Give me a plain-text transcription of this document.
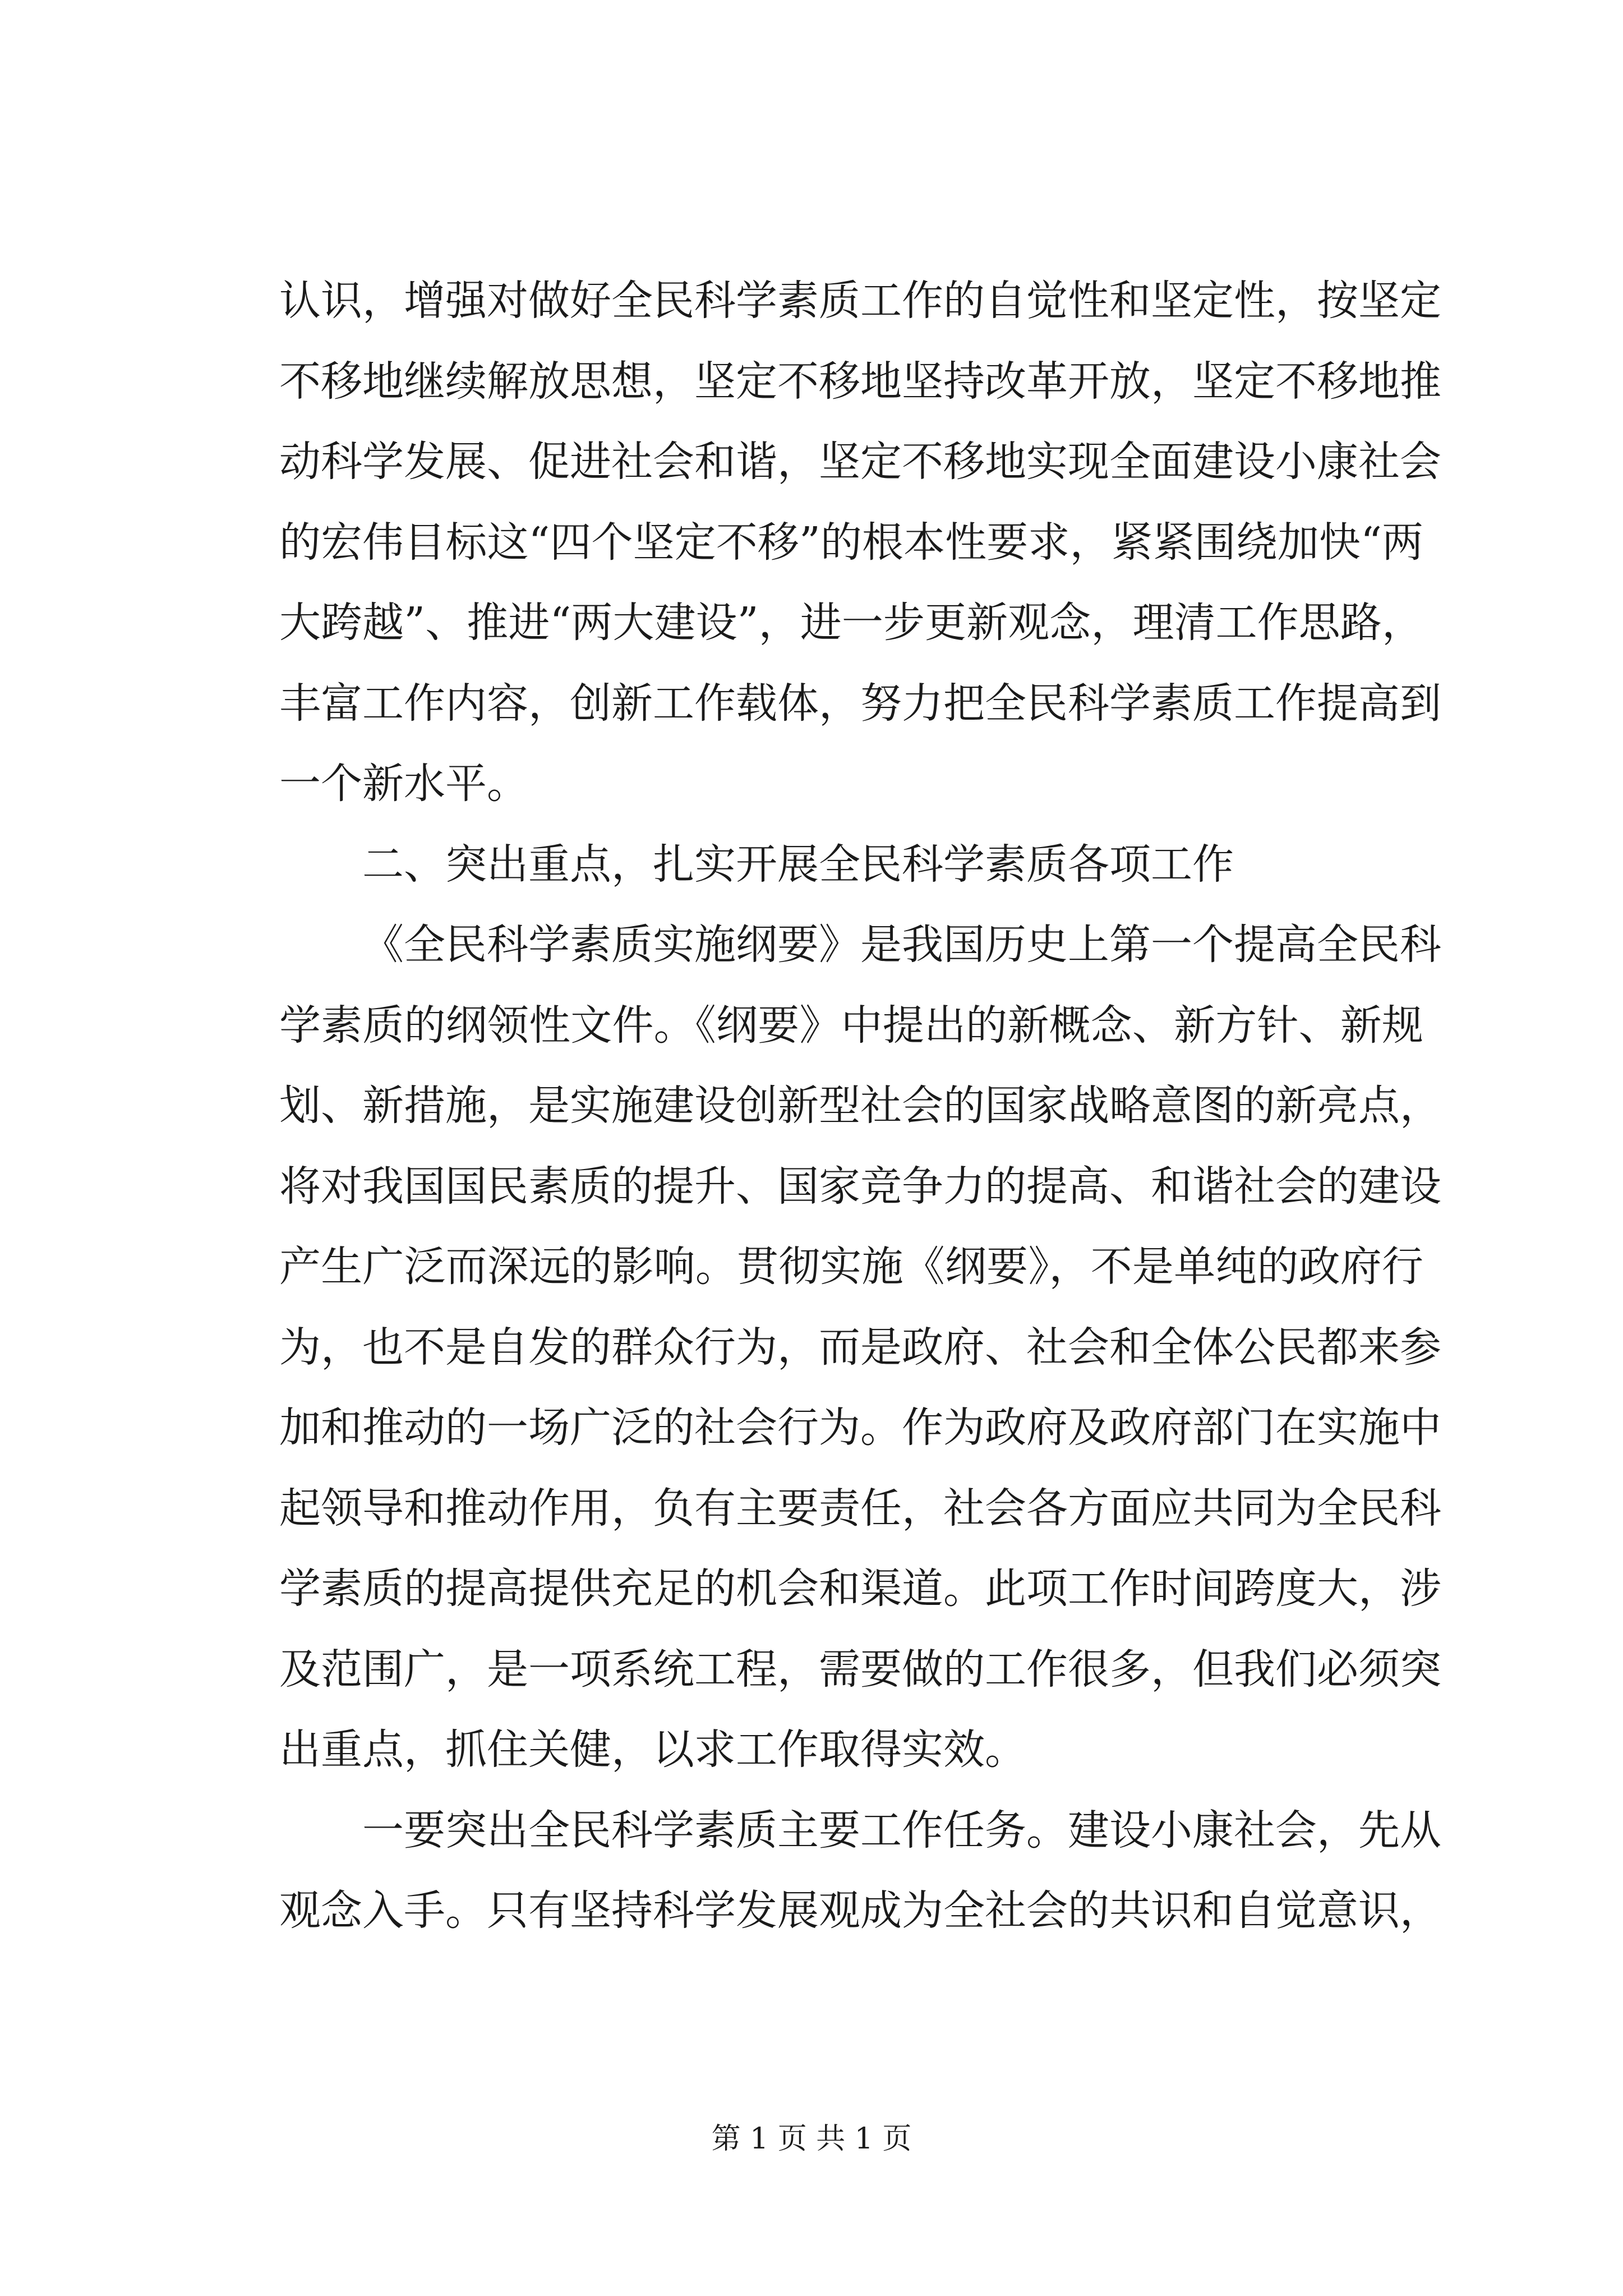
认识，增强对做好全民科学素质工作的自觉性和坚定性，按坚定
不移地继续解放思想，坚定不移地坚持改革开放，坚定不移地推
动科学发展、促进社会和谐，坚定不移地实现全面建设小康社会
的宏伟目标这“四个坚定不移”的根本性要求，紧紧围绕加快“两
大跨越”、推进“两大建设”，进一步更新观念，理清工作思路，
丰富工作内容，创新工作载体，努力把全民科学素质工作提高到
一个新水平。
二、突出重点，扎实开展全民科学素质各项工作
《全民科学素质实施纲要》是我国历史上第一个提高全民科
学素质的纲领性文件。《纲要》中提出的新概念、新方针、新规
划、新措施，是实施建设创新型社会的国家战略意图的新亮点，
将对我国国民素质的提升、国家竞争力的提高、和谐社会的建设
产生广泛而深远的影响。贯彻实施《纲要》，不是单纯的政府行
为，也不是自发的群众行为，而是政府、社会和全体公民都来参
加和推动的一场广泛的社会行为。作为政府及政府部门在实施中
起领导和推动作用，负有主要责任，社会各方面应共同为全民科
学素质的提高提供充足的机会和渠道。此项工作时间跨度大，涉
及范围广，是一项系统工程，需要做的工作很多，但我们必须突
出重点，抓住关健，以求工作取得实效。
一要突出全民科学素质主要工作任务。建设小康社会，先从
观念入手。只有坚持科学发展观成为全社会的共识和自觉意识，
第 1 页 共 1 页
